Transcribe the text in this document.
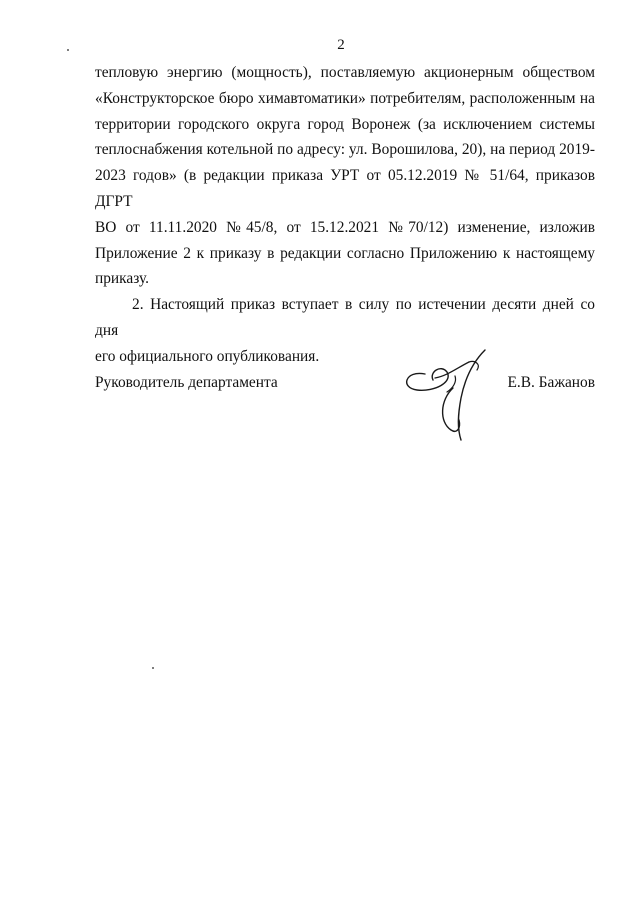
2
тепловую энергию (мощность), поставляемую акционерным обществом
«Конструкторское бюро химавтоматики» потребителям, расположенным на
территории городского округа город Воронеж (за исключением системы
теплоснабжения котельной по адресу: ул. Ворошилова, 20), на период 2019-
2023 годов» (в редакции приказа УРТ от 05.12.2019 № 51/64, приказов ДГРТ
ВО от 11.11.2020 №45/8, от 15.12.2021 №70/12) изменение, изложив
Приложение 2 к приказу в редакции согласно Приложению к настоящему
приказу.
2. Настоящий приказ вступает в силу по истечении десяти дней со дня
его официального опубликования.
Руководитель департамента	Е.В. Бажанов
